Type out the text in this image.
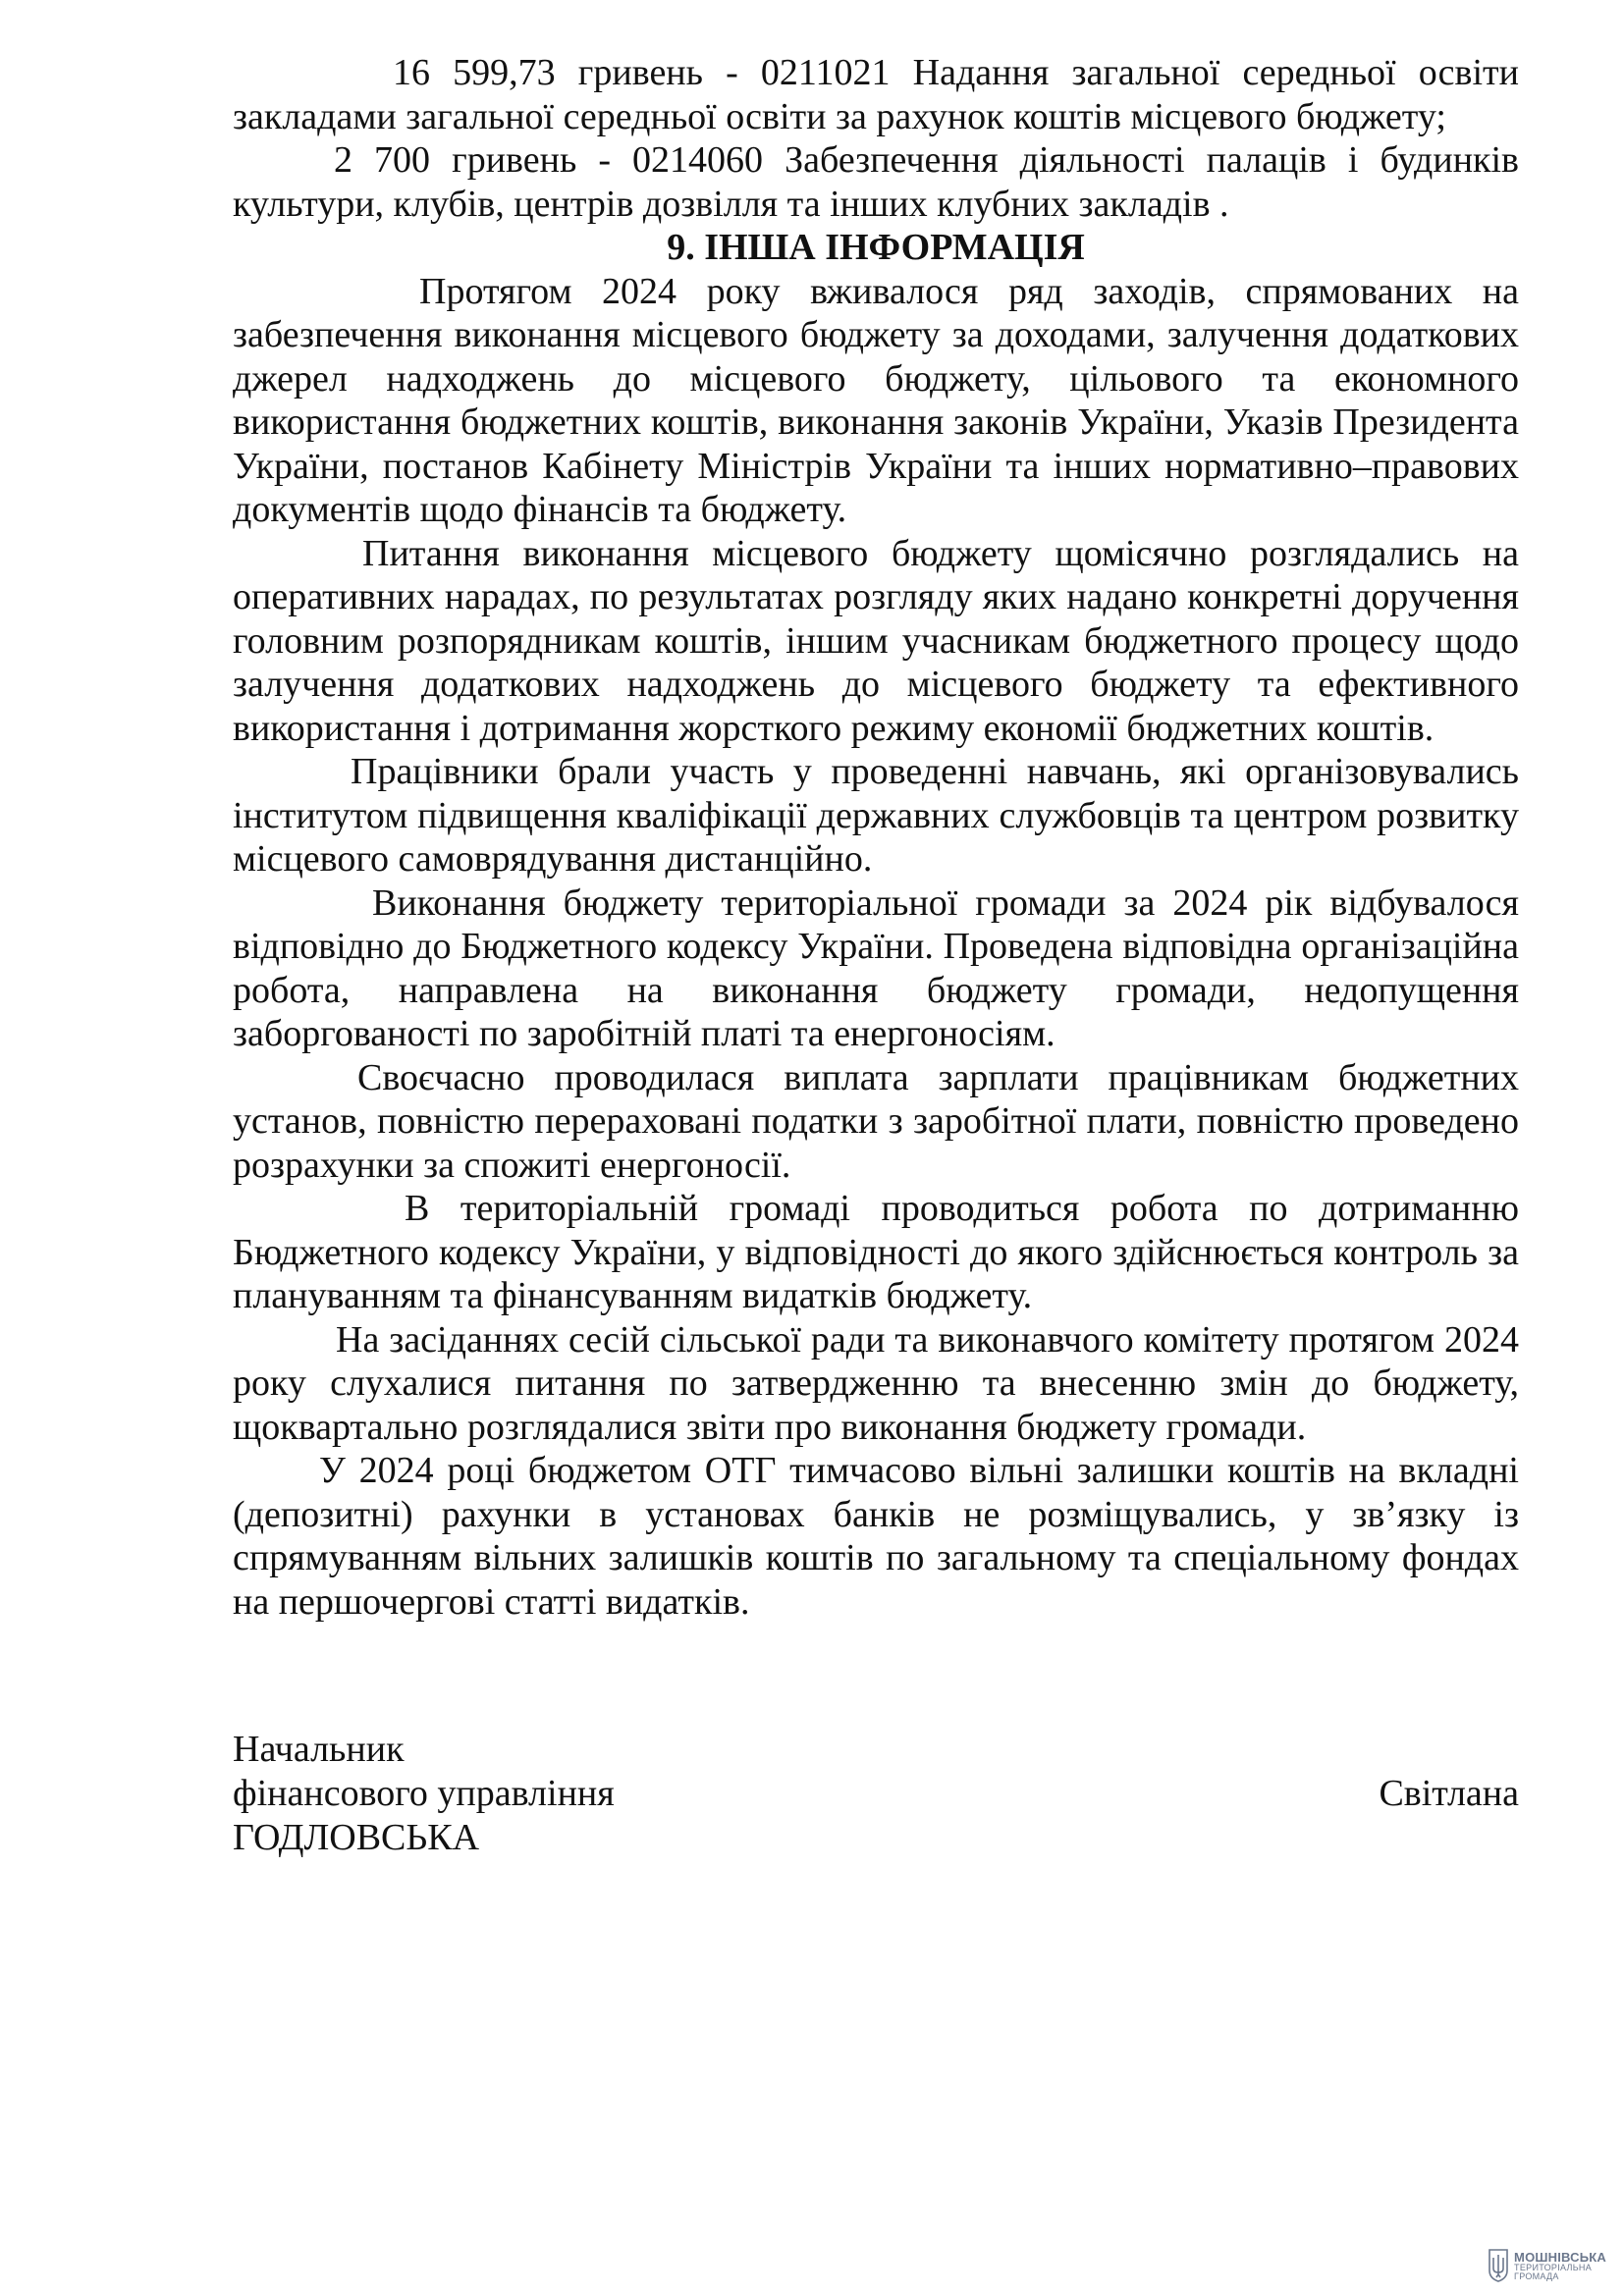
16 599,73 гривень - 0211021 Надання загальної середньої освіти закладами загальної середньої освіти за рахунок коштів місцевого бюджету;

2 700 гривень - 0214060 Забезпечення діяльності палаців і будинків культури, клубів, центрів дозвілля та інших клубних закладів .

9. ІНША ІНФОРМАЦІЯ

Протягом 2024 року вживалося ряд заходів, спрямованих на забезпечення виконання місцевого бюджету за доходами, залучення додаткових джерел надходжень до місцевого бюджету, цільового та економного використання бюджетних коштів, виконання законів України, Указів Президента України, постанов Кабінету Міністрів України та інших нормативно–правових документів щодо фінансів та бюджету.

Питання виконання місцевого бюджету щомісячно розглядались на оперативних нарадах, по результатах розгляду яких надано конкретні доручення головним розпорядникам коштів, іншим учасникам бюджетного процесу щодо залучення додаткових надходжень до місцевого бюджету та ефективного використання і дотримання жорсткого режиму економії бюджетних коштів.

Працівники брали участь у проведенні навчань, які організовувались інститутом підвищення кваліфікації державних службовців та центром розвитку місцевого самоврядування дистанційно.

Виконання бюджету територіальної громади за 2024 рік відбувалося відповідно до Бюджетного кодексу України. Проведена відповідна організаційна робота, направлена на виконання бюджету громади, недопущення заборгованості по заробітній платі та енергоносіям.

Своєчасно проводилася виплата зарплати працівникам бюджетних установ, повністю перераховані податки з заробітної плати, повністю проведено розрахунки за спожиті енергоносії.

В територіальній громаді проводиться робота по дотриманню Бюджетного кодексу України, у відповідності до якого здійснюється контроль за плануванням та фінансуванням видатків бюджету.

На засіданнях сесій сільської ради та виконавчого комітету протягом 2024 року слухалися питання по затвердженню та внесенню змін до бюджету, щоквартально розглядалися звіти про виконання бюджету громади.

У 2024 році бюджетом ОТГ тимчасово вільні залишки коштів на вкладні (депозитні) рахунки в установах банків не розміщувались, у зв’язку із спрямуванням вільних залишків коштів по загальному та спеціальному фондах на першочергові статті видатків.

Начальник
фінансового управління	Світлана
ГОДЛОВСЬКА
МОШНІВСЬКА
ТЕРИТОРІАЛЬНА
ГРОМАДА
